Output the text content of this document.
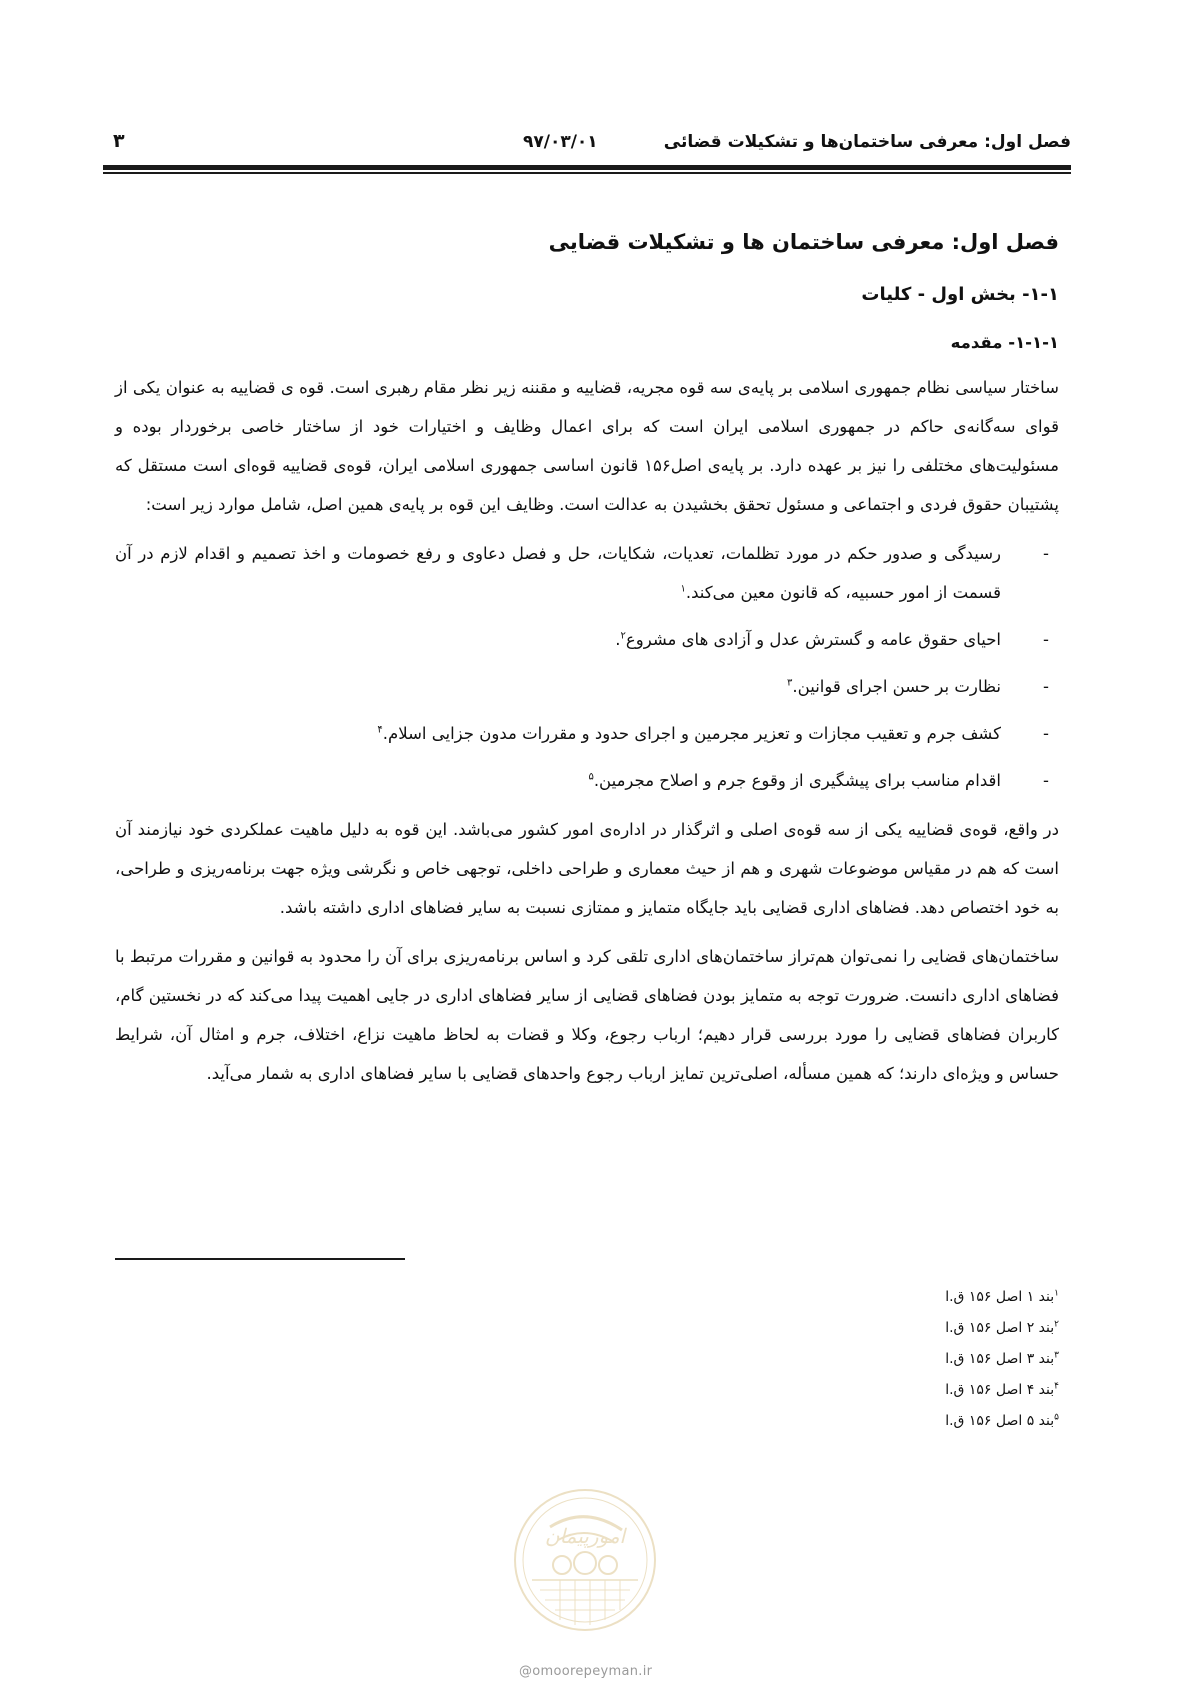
فصل اول: معرفی ساختمان‌ها و تشکیلات قضائی
۹۷/۰۳/۰۱
۳
فصل اول: معرفی ساختمان ها و تشکیلات قضایی
۱-۱- بخش اول - کلیات
۱-۱-۱- مقدمه

ساختار سیاسی نظام جمهوری اسلامی بر پایه‌ی سه قوه مجریه، قضاییه و مقننه زیر نظر مقام رهبری است. قوه ی قضاییه به عنوان یکی از قوای سه‌گانه‌ی حاکم در جمهوری اسلامی ایران است که برای اعمال وظایف و اختیارات خود از ساختار خاصی برخوردار بوده و مسئولیت‌های مختلفی را نیز بر عهده دارد. بر پایه‌ی اصل۱۵۶ قانون اساسی جمهوری اسلامی ایران، قوه‌ی قضاییه قوه‌ای است مستقل که پشتیبان حقوق فردی و اجتماعی و مسئول تحقق بخشیدن به عدالت است. وظایف این قوه بر پایه‌ی همین اصل، شامل موارد زیر است:

-
رسیدگی و صدور حکم در مورد تظلمات، تعدیات، شکایات، حل و فصل دعاوی و رفع خصومات و اخذ تصمیم و اقدام لازم در آن قسمت از امور حسبیه، که قانون معین می‌کند.$^۱$
-
احیای حقوق عامه و گسترش عدل و آزادی های مشروع$^۲$.
-
نظارت بر حسن اجرای قوانین.$^۳$
-
کشف جرم و تعقیب مجازات و تعزیر مجرمین و اجرای حدود و مقررات مدون جزایی اسلام.$^۴$
-
اقدام مناسب برای پیشگیری از وقوع جرم و اصلاح مجرمین.$^۵$

در واقع، قوه‌ی قضاییه یکی از سه قوه‌ی اصلی و اثرگذار در اداره‌ی امور کشور می‌باشد. این قوه به دلیل ماهیت عملکردی خود نیازمند آن است که هم در مقیاس موضوعات شهری و هم از حیث معماری و طراحی داخلی، توجهی خاص و نگرشی ویژه جهت برنامه‌ریزی و طراحی، به خود اختصاص دهد. فضاهای اداری قضایی باید جایگاه متمایز و ممتازی نسبت به سایر فضاهای اداری داشته باشد.

ساختمان‌های قضایی را نمی‌توان هم‌تراز ساختمان‌های اداری تلقی کرد و اساس برنامه‌ریزی برای آن را محدود به قوانین و مقررات مرتبط با فضاهای اداری دانست. ضرورت توجه به متمایز بودن فضاهای قضایی از سایر فضاهای اداری در جایی اهمیت پیدا می‌کند که در نخستین گام، کاربران فضاهای قضایی را مورد بررسی قرار دهیم؛ ارباب رجوع، وکلا و قضات به لحاظ ماهیت نزاع، اختلاف، جرم و امثال آن، شرایط حساس و ویژه‌ای دارند؛ که همین مسأله، اصلی‌ترین تمایز ارباب رجوع واحدهای قضایی با سایر فضاهای اداری به شمار می‌آید.

$^۱$بند ۱ اصل ۱۵۶ ق.ا
$^۲$بند ۲ اصل ۱۵۶ ق.ا
$^۳$بند ۳ اصل ۱۵۶ ق.ا
$^۴$بند ۴ اصل ۱۵۶ ق.ا
$^۵$بند ۵ اصل ۱۵۶ ق.ا
امورپیمان
@omoorepeyman.ir
